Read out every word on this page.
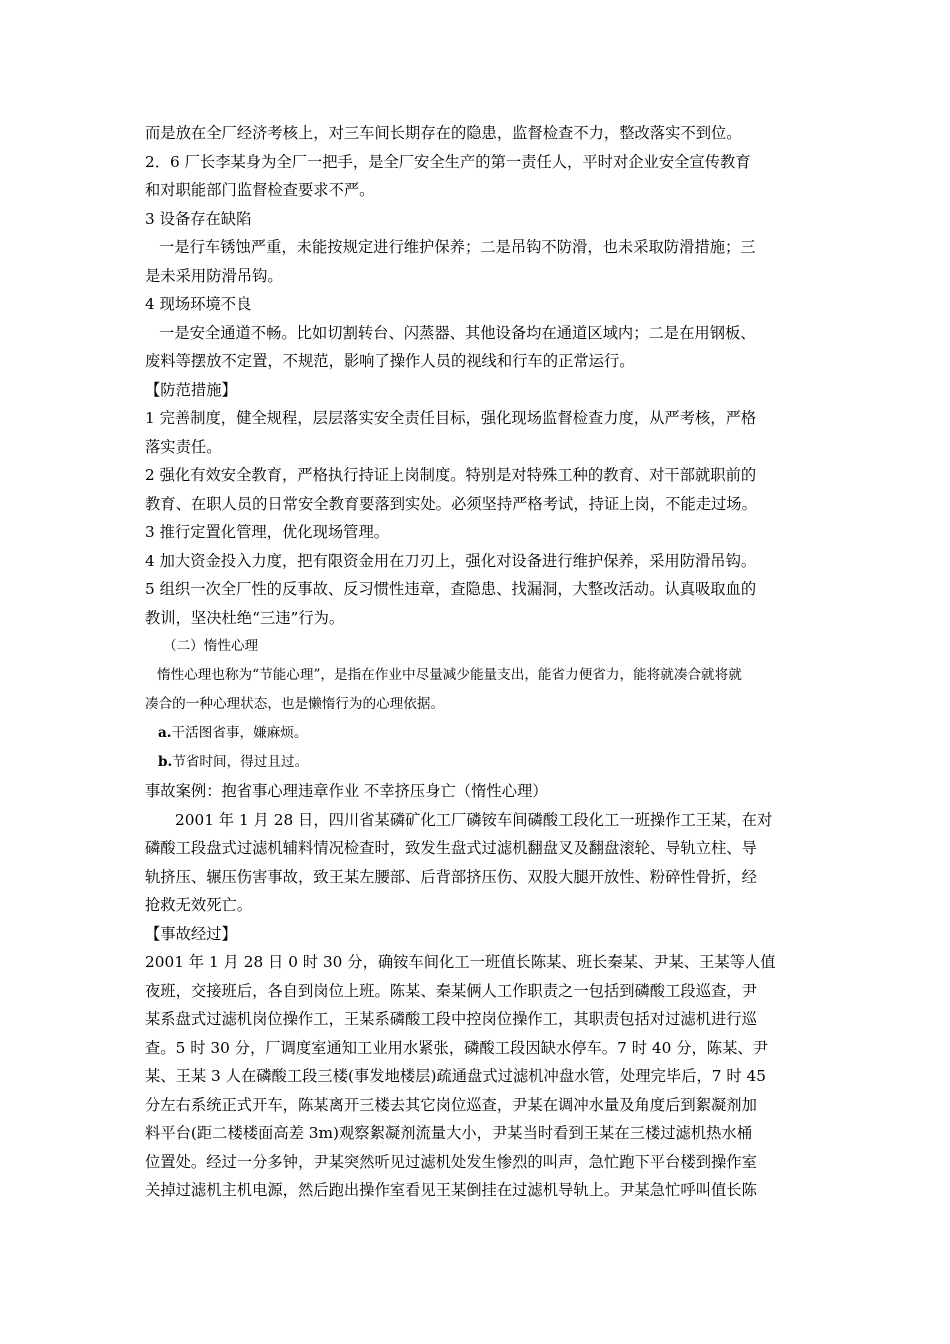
而是放在全厂经济考核上，对三车间长期存在的隐患，监督检查不力，整改落实不到位。
2．6 厂长李某身为全厂一把手，是全厂安全生产的第一责任人，平时对企业安全宣传教育
和对职能部门监督检查要求不严。
3 设备存在缺陷
一是行车锈蚀严重，未能按规定进行维护保养；二是吊钩不防滑，也未采取防滑措施；三
是未采用防滑吊钩。
4 现场环境不良
一是安全通道不畅。比如切割转台、闪蒸器、其他设备均在通道区域内；二是在用钢板、
废料等摆放不定置，不规范，影响了操作人员的视线和行车的正常运行。
【防范措施】
1 完善制度，健全规程，层层落实安全责任目标，强化现场监督检查力度，从严考核，严格
落实责任。
2 强化有效安全教育，严格执行持证上岗制度。特别是对特殊工种的教育、对干部就职前的
教育、在职人员的日常安全教育要落到实处。必须坚持严格考试，持证上岗，不能走过场。
3 推行定置化管理，优化现场管理。
4 加大资金投入力度，把有限资金用在刀刃上，强化对设备进行维护保养，采用防滑吊钩。
5 组织一次全厂性的反事故、反习惯性违章，查隐患、找漏洞，大整改活动。认真吸取血的
教训，坚决杜绝“三违”行为。
（二）惰性心理
惰性心理也称为“节能心理”，是指在作业中尽量减少能量支出，能省力便省力，能将就凑合就将就
凑合的一种心理状态，也是懒惰行为的心理依据。
a.干活图省事，嫌麻烦。
b.节省时间，得过且过。
事故案例：抱省事心理违章作业 不幸挤压身亡（惰性心理）
2001 年 1 月 28 日，四川省某磷矿化工厂磷铵车间磷酸工段化工一班操作工王某，在对
磷酸工段盘式过滤机辅料情况检查时，致发生盘式过滤机翻盘叉及翻盘滚轮、导轨立柱、导
轨挤压、辗压伤害事故，致王某左腰部、后背部挤压伤、双股大腿开放性、粉碎性骨折，经
抢救无效死亡。
【事故经过】
2001 年 1 月 28 日 0 时 30 分，确铵车间化工一班值长陈某、班长秦某、尹某、王某等人值
夜班，交接班后，各自到岗位上班。陈某、秦某俩人工作职责之一包括到磷酸工段巡查，尹
某系盘式过滤机岗位操作工，王某系磷酸工段中控岗位操作工，其职责包括对过滤机进行巡
查。5 时 30 分，厂调度室通知工业用水紧张，磷酸工段因缺水停车。7 时 40 分，陈某、尹
某、王某 3 人在磷酸工段三楼(事发地楼层)疏通盘式过滤机冲盘水管，处理完毕后，7 时 45
分左右系统正式开车，陈某离开三楼去其它岗位巡查，尹某在调冲水量及角度后到絮凝剂加
料平台(距二楼楼面高差 3m)观察絮凝剂流量大小，尹某当时看到王某在三楼过滤机热水桶
位置处。经过一分多钟，尹某突然听见过滤机处发生惨烈的叫声，急忙跑下平台楼到操作室
关掉过滤机主机电源，然后跑出操作室看见王某倒挂在过滤机导轨上。尹某急忙呼叫值长陈
